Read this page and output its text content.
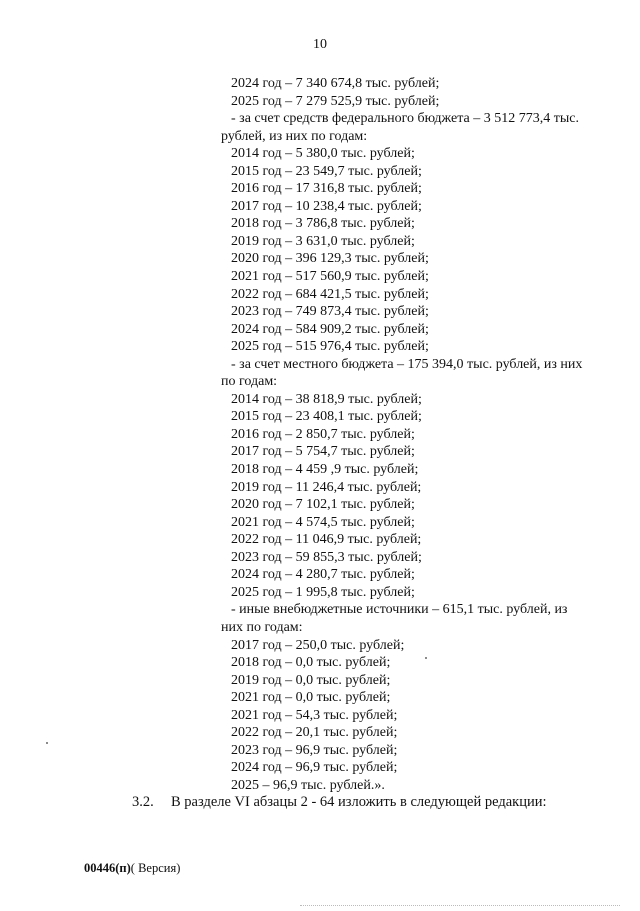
10
2024 год – 7 340 674,8 тыс. рублей;
2025 год – 7 279 525,9 тыс. рублей;
- за счет средств федерального бюджета – 3 512 773,4 тыс.
рублей, из них по годам:
2014 год – 5 380,0 тыс. рублей;
2015 год – 23 549,7 тыс. рублей;
2016 год – 17 316,8 тыс. рублей;
2017 год – 10 238,4 тыс. рублей;
2018 год – 3 786,8 тыс. рублей;
2019 год – 3 631,0 тыс. рублей;
2020 год – 396 129,3 тыс. рублей;
2021 год – 517 560,9 тыс. рублей;
2022 год – 684 421,5 тыс. рублей;
2023 год – 749 873,4 тыс. рублей;
2024 год – 584 909,2 тыс. рублей;
2025 год – 515 976,4 тыс. рублей;
- за счет местного бюджета – 175 394,0 тыс. рублей, из них
по годам:
2014 год – 38 818,9 тыс. рублей;
2015 год – 23 408,1 тыс. рублей;
2016 год – 2 850,7 тыс. рублей;
2017 год – 5 754,7 тыс. рублей;
2018 год – 4 459 ,9 тыс. рублей;
2019 год – 11 246,4 тыс. рублей;
2020 год – 7 102,1 тыс. рублей;
2021 год – 4 574,5 тыс. рублей;
2022 год – 11 046,9 тыс. рублей;
2023 год – 59 855,3 тыс. рублей;
2024 год – 4 280,7 тыс. рублей;
2025 год – 1 995,8 тыс. рублей;
- иные внебюджетные источники – 615,1 тыс. рублей, из
них по годам:
2017 год – 250,0 тыс. рублей;
2018 год – 0,0 тыс. рублей;
2019 год – 0,0 тыс. рублей;
2021 год – 0,0 тыс. рублей;
2021 год – 54,3 тыс. рублей;
2022 год – 20,1 тыс. рублей;
2023 год – 96,9 тыс. рублей;
2024 год – 96,9 тыс. рублей;
2025 – 96,9 тыс. рублей.».
3.2. В разделе VI абзацы 2 - 64 изложить в следующей редакции:
00446(п)( Версия)
